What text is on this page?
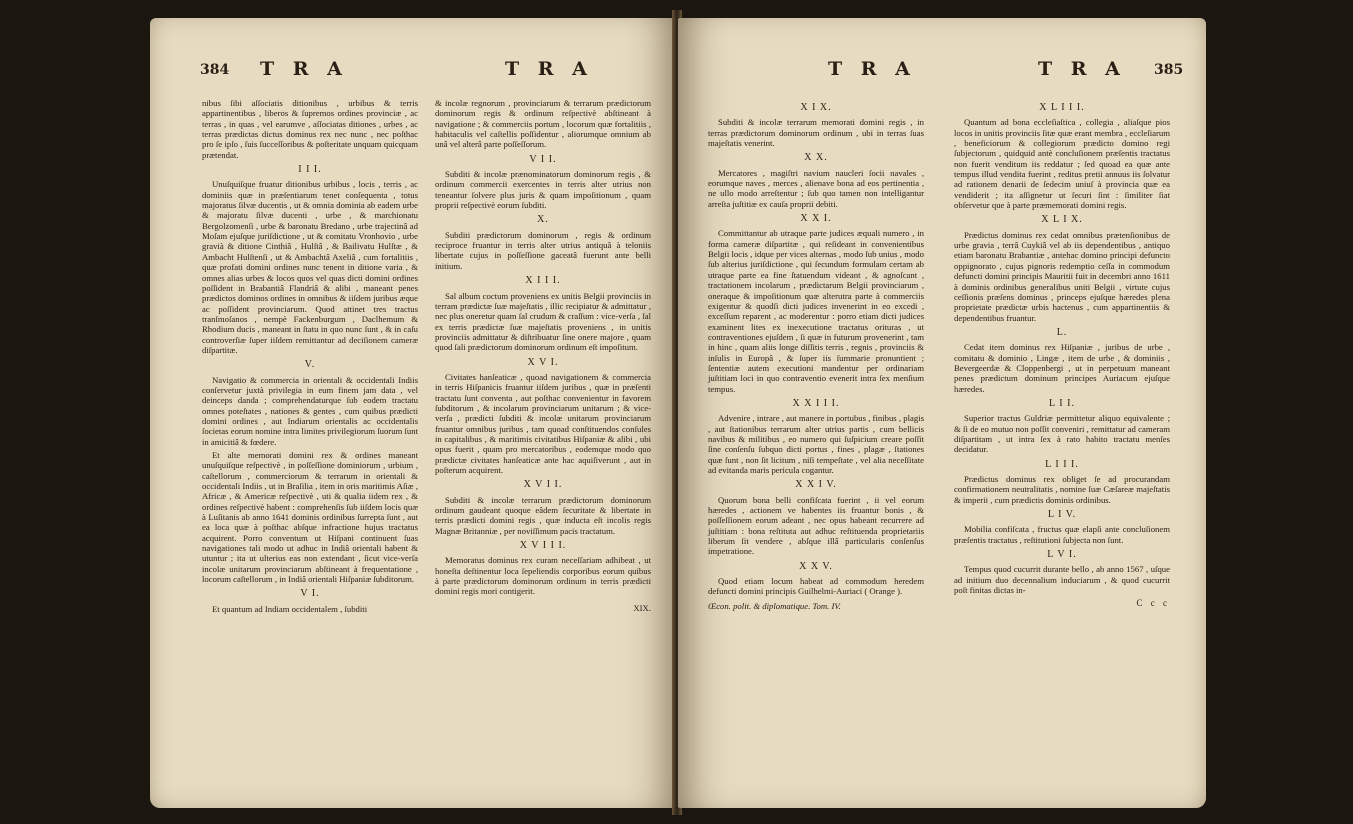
384 T R A	T R A

nibus ſibi aſſociatis ditionibus , urbibus & terris appartinentibus , liberos & ſupremos ordines provinciæ , ac terras , in quas , vel earumve , aſſociatas ditiones , urbes , ac terras prædictas dictus dominus rex nec nunc , nec poſthac pro ſe ipſo , ſuis ſucceſſoribus & poſteritate unquam quicquam prætendat.

I I I.

Unuſquiſque fruatur ditionibus urbibus , locis , terris , ac dominiis quæ in præſentiarum tenet conſequenta , totus majoratus ſilvæ ducentis , ut & omnia dominia ab eadem urbe & majoratu ſilvæ ducenti , urbe , & marchionatu Bergolzomenſi , urbe & baronatu Bredano , urbe trajectinâ ad Moſam ejuſque juriſdictione , ut & comitatu Vronhovio , urbe gravià & ditione Cinthiâ , Hulſtâ , & Bailivatu Hulſtæ , & Ambacht Hulſtenſi , ut & Ambachtâ Axeliâ , cum fortalitiis , quæ profati domini ordines nunc tenent in ditione varia , & omnes alias urbes & locos quos vel quas dicti domini ordines poſſident in Brabantiâ Flandriâ & alibi , maneant penes prædictos dominos ordines in omnibus & iiſdem juribus æque ac poſſident provinciarum. Quod attinet tres tractus tranſmoſanos , nempè Fackenburgum , Daclhemum & Rhodium ducis , maneant in ſtatu in quo nunc ſunt , & in caſu controverſiæ ſuper iiſdem remittantur ad deciſionem cameræ diſpartitæ.

V.

Navigatio & commercia in orientali & occidentali Indiis conſervetur juxtà privilegia in eum finem jam data , vel deinceps danda ; comprehendaturque ſub eodem tractatu omnes poteſtates , nationes & gentes , cum quibus prædicti domini ordines , aut Indiarum orientalis ac occidentalis ſocietas eorum nomine intra limites privilegiorum ſuorum ſunt in amicitiâ & fœdere.

Et alte memorati domini rex & ordines maneant unuſquiſque reſpectivè , in poſſeſſione dominiorum , urbium , caſtellorum , commerciorum & terrarum in orientali & occidentali Indiis , ut in Braſilia , item in oris maritimis Aſiæ , Africæ , & Americæ reſpectivè , uti & qualia iidem rex , & ordines reſpectivè habent : comprehenſis ſub iiſdem locis quæ à Luſitanis ab anno 1641 dominis ordinibus ſurrepta ſunt , aut ea loca quæ à poſthac abſque infractione hujus tractatus acquirent. Porro conventum ut Hiſpani continuent ſuas navigationes tali modo ut adhuc in Indiâ orientali habent & utuntur ; ita ut ulterius eas non extendant , ſicut vice-verſa incolæ unitarum provinciarum abſtineant à frequentatione , locorum caſtellorum , in Indiâ orientali Hiſpaniæ ſubditorum.

V I.

Et quantum ad Indiam occidentalem , ſubditi

& incolæ regnorum , provinciarum & terrarum prædictorum dominorum regis & ordinum reſpectivè abſtineant à navigatione ; & commerciis portum , locorum quæ fortalitiis , habitaculis vel caſtellis poſſidentur , aliorumque omnium ab unâ vel alterâ parte poſſeſſorum.

V I I.

Subditi & incolæ prænominatorum dominorum regis , & ordinum commercii exercentes in terris alter utrius non teneantur ſolvere plus juris & quam impoſitionum , quam proprii reſpectivè eorum ſubditi.

X.

Subditi prædictorum dominorum , regis & ordinum reciproce fruantur in terris alter utrius antiquâ à teloniis libertate cujus in poſſeſſione gaceatâ fuerunt ante belli initium.

X I I I.

Sal album coctum proveniens ex unitis Belgii provinciis in terram prædictæ ſuæ majeſtatis , illic recipiatur & admittatur , nec plus oneretur quam ſal crudum & craſſum : vice-verſa , ſal ex terris prædictæ ſuæ majeſtatis proveniens , in unitis provinciis admittatur & diſtribuatur ſine onere majore , quam quod ſali prædictorum dominorum ordinum eſt impoſitum.

X V I.

Civitates hanſeaticæ , quoad navigationem & commercia in terris Hiſpanicis fruantur iiſdem juribus , quæ in præſenti tractatu ſunt conventa , aut poſthac convenientur in favorem ſubditorum , & incolarum provinciarum unitarum ; & vice-verſa , prædicti ſubditi & incolæ unitarum provinciarum fruantur omnibus juribus , tam quoad conſtituendos conſules in capitalibus , & maritimis civitatibus Hiſpaniæ & alibi , ubi opus fuerit , quam pro mercatoribus , eodemque modo quo prædictæ civitates hanſeaticæ ante hac aquiſiverunt , aut in poſterum acquirent.

X V I I.

Subditi & incolæ terrarum prædictorum dominorum ordinum gaudeant quoque eâdem ſecuritate & libertate in terris prædicti domini regis , quæ inducta eſt incolis regis Magnæ Britanniæ , per noviſſimum pacis tractatum.

X V I I I.

Memoratus dominus rex curam neceſſariam adhibeat , ut honeſta deſtinentur loca ſepeliendis corporibus eorum quibus à parte prædictorum dominorum ordinum in terris prædicti domini regis mori contigerit.

XIX.
T R A	T R A 385
X I X.

Subditi & incolæ terrarum memorati domini regis , in terras prædictorum dominorum ordinum , ubi in terras ſuas majeſtatis venerint.

X X.

Mercatores , magiſtri navium naucleri ſocii navales , eorumque naves , merces , alienave bona ad eos pertinentia , ne ullo modo arreſtentur ; ſub quo tamen non intelligantur arreſta juſtitiæ ex cauſa proprii debiti.

X X I.

Committantur ab utraque parte judices æquali numero , in forma cameræ diſpartitæ , qui reſideant in convenientibus Belgii locis , idque per vices alternas , modo ſub unius , modo ſub alterius juriſdictione , qui ſecundum formulam certam ab utraque parte ea fine ſtatuendum videant , & agnoſcant , tractationem incolarum , prædictarum Belgii provinciarum , oneraque & impoſitionum quæ alterutra parte à commerciis exigentur & quodſi dicti judices invenerint in eo excedi , exceſſum reparent , ac moderentur : porro etiam dicti judices examinent lites ex inexecutione tractatus orituras , ut contraventiones ejuſdem , ſi quæ in futurum provenerint , tam in hinc , quam aliis longe diſſitis terris , regnis , provinciis & inſulis in Europâ , & ſuper iis ſummarie pronuntient ; ſententiæ autem executioni mandentur per ordinariam juſtitiam loci in quo contraventio evenerit intra ſex menſium tempus.

X X I I I.

Advenire , intrare , aut manere in portubus , finibus , plagis , aut ſtationibus terrarum alter utrius partis , cum bellicis navibus & militibus , eo numero qui ſuſpicium creare poſſit ſine conſenſu ſubquo dicti portus , fines , plagæ , ſtationes quæ ſunt , non ſit licitum , niſi tempeſtate , vel alia neceſſitate ad evitanda maris pericula cogantur.

X X I V.

Quorum bona belli confiſcata fuerint , ii vel eorum hæredes , actionem ve habentes iis fruantur bonis , & poſſeſſionem eorum adeant , nec opus habeant recurrere ad juſtitiam : bona reſtituta aut adhuc reſtituenda proprietariis liberum ſit vendere , abſque illâ particularis conſenſus impetratione.

X X V.

Quod etiam locum habeat ad commodum heredem defuncti domini principis Guilhelmi-Auriaci ( Orange ).

Œcon. polit. & diplomatique. Tom. IV.
X L I I I.

Quantum ad bona eccleſiaſtica , collegia , aliaſque pios locos in unitis provinciis ſitæ quæ erant membra , eccleſiarum , beneficiorum & collegiorum prædicto domino regi ſubjectorum , quidquid antè concluſionem præſentis tractatus non fuerit venditum iis reddatur ; ſed quoad ea quæ ante tempus illud vendita fuerint , reditus pretii annuus iis ſolvatur ad rationem denarii de ſedecim uniuſ à provincia quæ ea vendiderit ; ita aſſignetur ut ſecuri ſint : ſimiliter ſiat obſervetur que à parte præmemorati domini regis.

X L I X.

Prædictus dominus rex cedat omnibus prætenſionibus de urbe gravia , terrâ Cuykiâ vel ab iis dependentibus , antiquo etiam baronatu Brabantiæ , antehac domino principi defuncto oppignorato , cujus pignoris redemptio ceſſa in commodum defuncti domini principis Mauritii fuit in decembri anno 1611 à dominis ordinibus generalibus uniti Belgii , virtute cujus ceſſionis præſens dominus , princeps ejuſque hæredes plena proprietate prædictæ urbis hactenus , cum appartinentiis & dependentibus fruantur.

L.

Cedat item dominus rex Hiſpaniæ , juribus de urbe , comitatu & dominio , Lingæ , item de urbe , & dominiis , Bevergeerdæ & Cloppenbergi , ut in perpetuum maneant penes prædictum dominum principes Auriacum ejuſque hæredes.

L I I.

Superior tractus Guldriæ permittetur aliquo equivalente ; & ſi de eo mutuo non poſſit conveniri , remittatur ad cameram diſpartitam , ut intra ſex à rato habito tractatu menſes decidatur.

L I I I.

Prædictus dominus rex obliget ſe ad procurandam confirmationem neutralitatis , nomine ſuæ Cæſareæ majeſtatis & imperii , cum prædictis dominis ordinibus.

L I V.

Mobilia confiſcata , fructus quæ elapſi ante concluſionem præſentis tractatus , reſtitutioni ſubjecta non ſunt.

L V I.

Tempus quod cucurrit durante bello , ab anno 1567 , uſque ad initium duo decennalium induciarum , & quod cucurrit poſt finitas dictas in-

C c c
